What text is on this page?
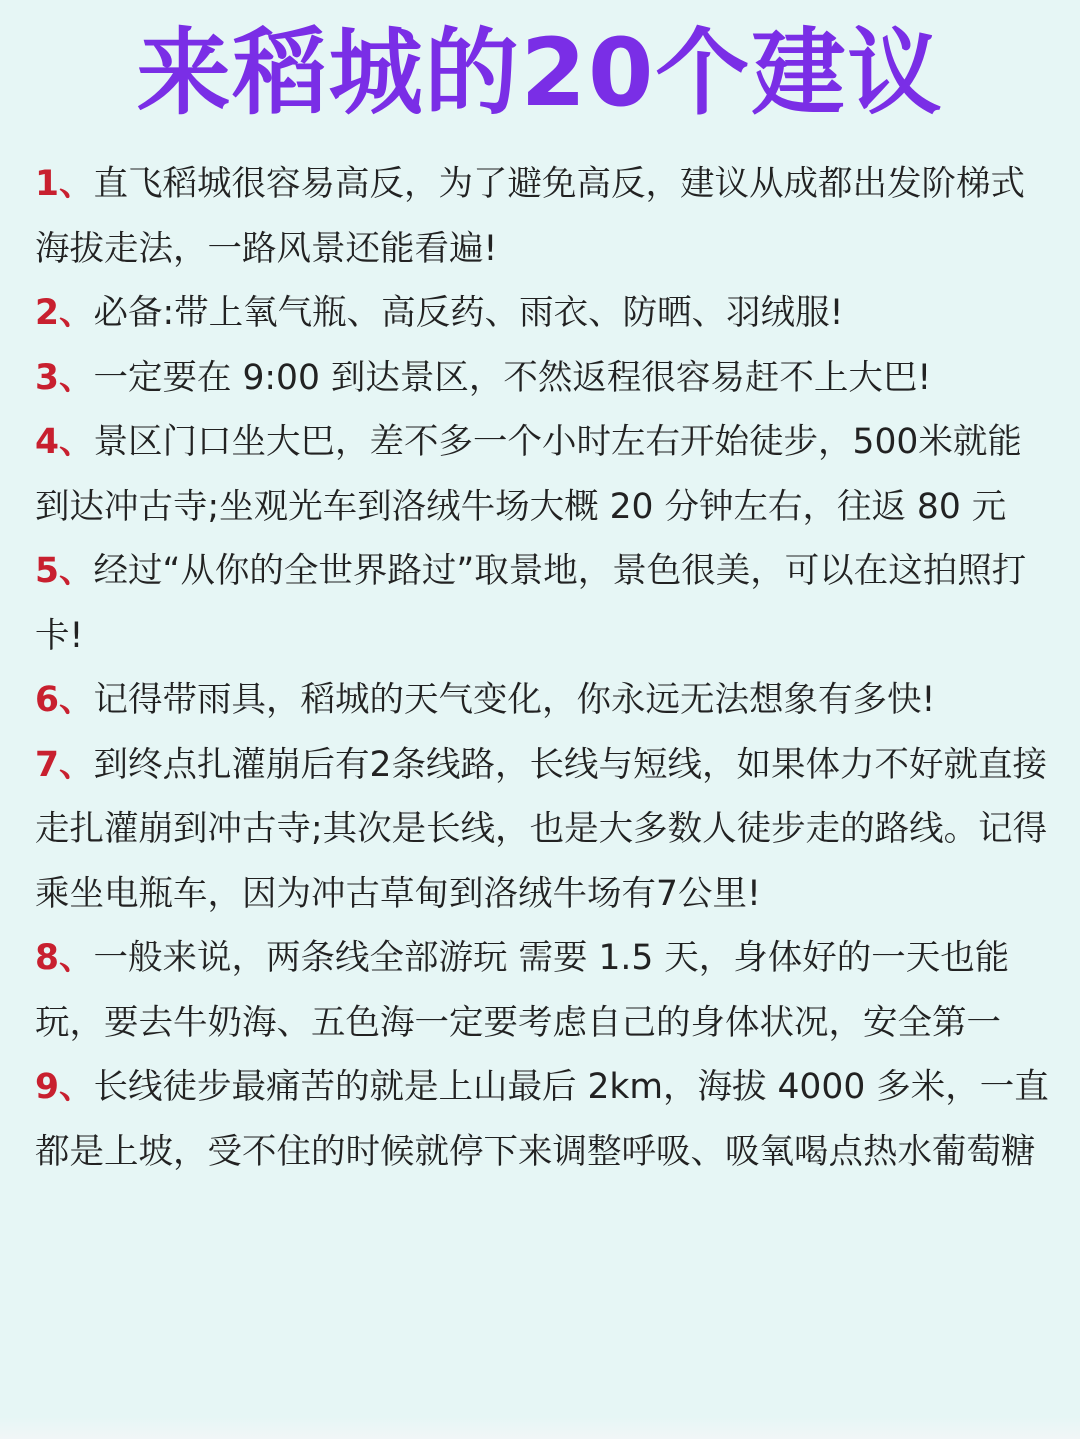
来稻城的20个建议

1、直飞稻城很容易高反，为了避免高反，建议从成都出发阶梯式海拔走法，一路风景还能看遍!

2、必备:带上氧气瓶、高反药、雨衣、防晒、羽绒服!

3、一定要在 9:00 到达景区，不然返程很容易赶不上大巴!

4、景区门口坐大巴，差不多一个小时左右开始徒步，500米就能到达冲古寺;坐观光车到洛绒牛场大概 20 分钟左右，往返 80 元

5、经过“从你的全世界路过”取景地，景色很美，可以在这拍照打卡!

6、记得带雨具，稻城的天气变化，你永远无法想象有多快!

7、到终点扎灌崩后有2条线路，长线与短线，如果体力不好就直接走扎灌崩到冲古寺;其次是长线，也是大多数人徒步走的路线。记得乘坐电瓶车，因为冲古草甸到洛绒牛场有7公里!

8、一般来说，两条线全部游玩 需要 1.5 天，身体好的一天也能玩，要去牛奶海、五色海一定要考虑自己的身体状况，安全第一

9、长线徒步最痛苦的就是上山最后 2km，海拔 4000 多米，一直都是上坡，受不住的时候就停下来调整呼吸、吸氧喝点热水葡萄糖
